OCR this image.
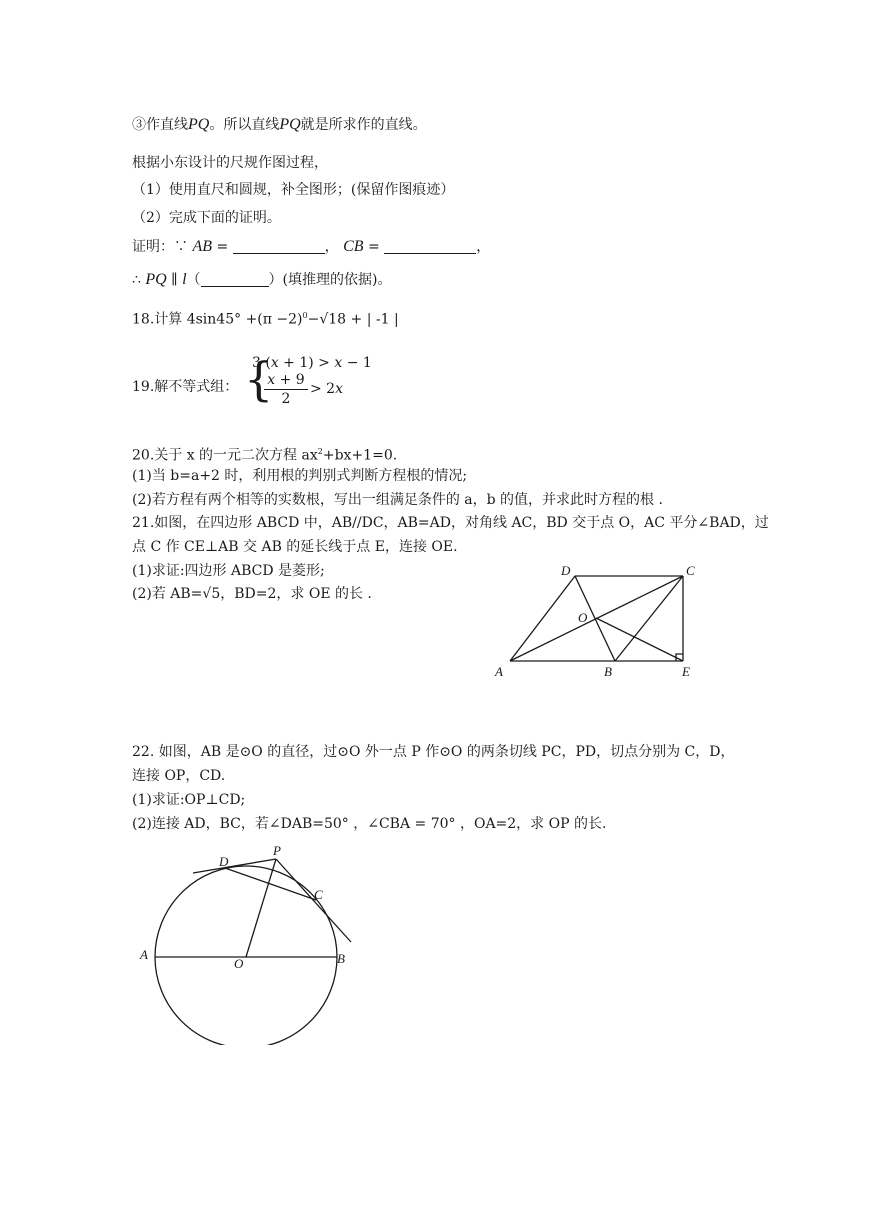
③作直线PQ。所以直线PQ就是所求作的直线。
根据小东设计的尺规作图过程，
（1）使用直尺和圆规，补全图形；(保留作图痕迹）
（2）完成下面的证明。
证明：∵ AB =	， CB =	，
∴ PQ ∥ l（	）(填推理的依据)。
18.计算 $4\sin 45^\circ +(\pi -2)^0-√18$ + | -1 |
19.解不等式组： {
3 (𝑥 + 1) > 𝑥 − 1
𝑥 + 9
2
> 2𝑥
20.关于 x 的一元二次方程 $ax^2+bx+1=0$.
(1)当 b=a+2 时，利用根的判别式判断方程根的情况;
(2)若方程有两个相等的实数根，写出一组满足条件的 a，b 的值，并求此时方程的根 .
21.如图，在四边形 ABCD 中，AB//DC，AB=AD，对角线 AC，BD 交于点 O，AC 平分∠BAD，过
点 C 作 CE⊥AB 交 AB 的延长线于点 E，连接 OE.
(1)求证:四边形 ABCD 是菱形;
(2)若 AB=√5，BD=2，求 OE 的长 .
A	B	E
D	C
O
22. 如图，AB 是⊙O 的直径，过⊙O 外一点 P 作⊙O 的两条切线 PC，PD，切点分别为 C，D，
连接 OP，CD.
(1)求证:OP⊥CD;
(2)连接 AD，BC，若∠DAB=50° ，∠CBA = 70° ，OA=2，求 OP 的长.
P
D
C
A
O	B
